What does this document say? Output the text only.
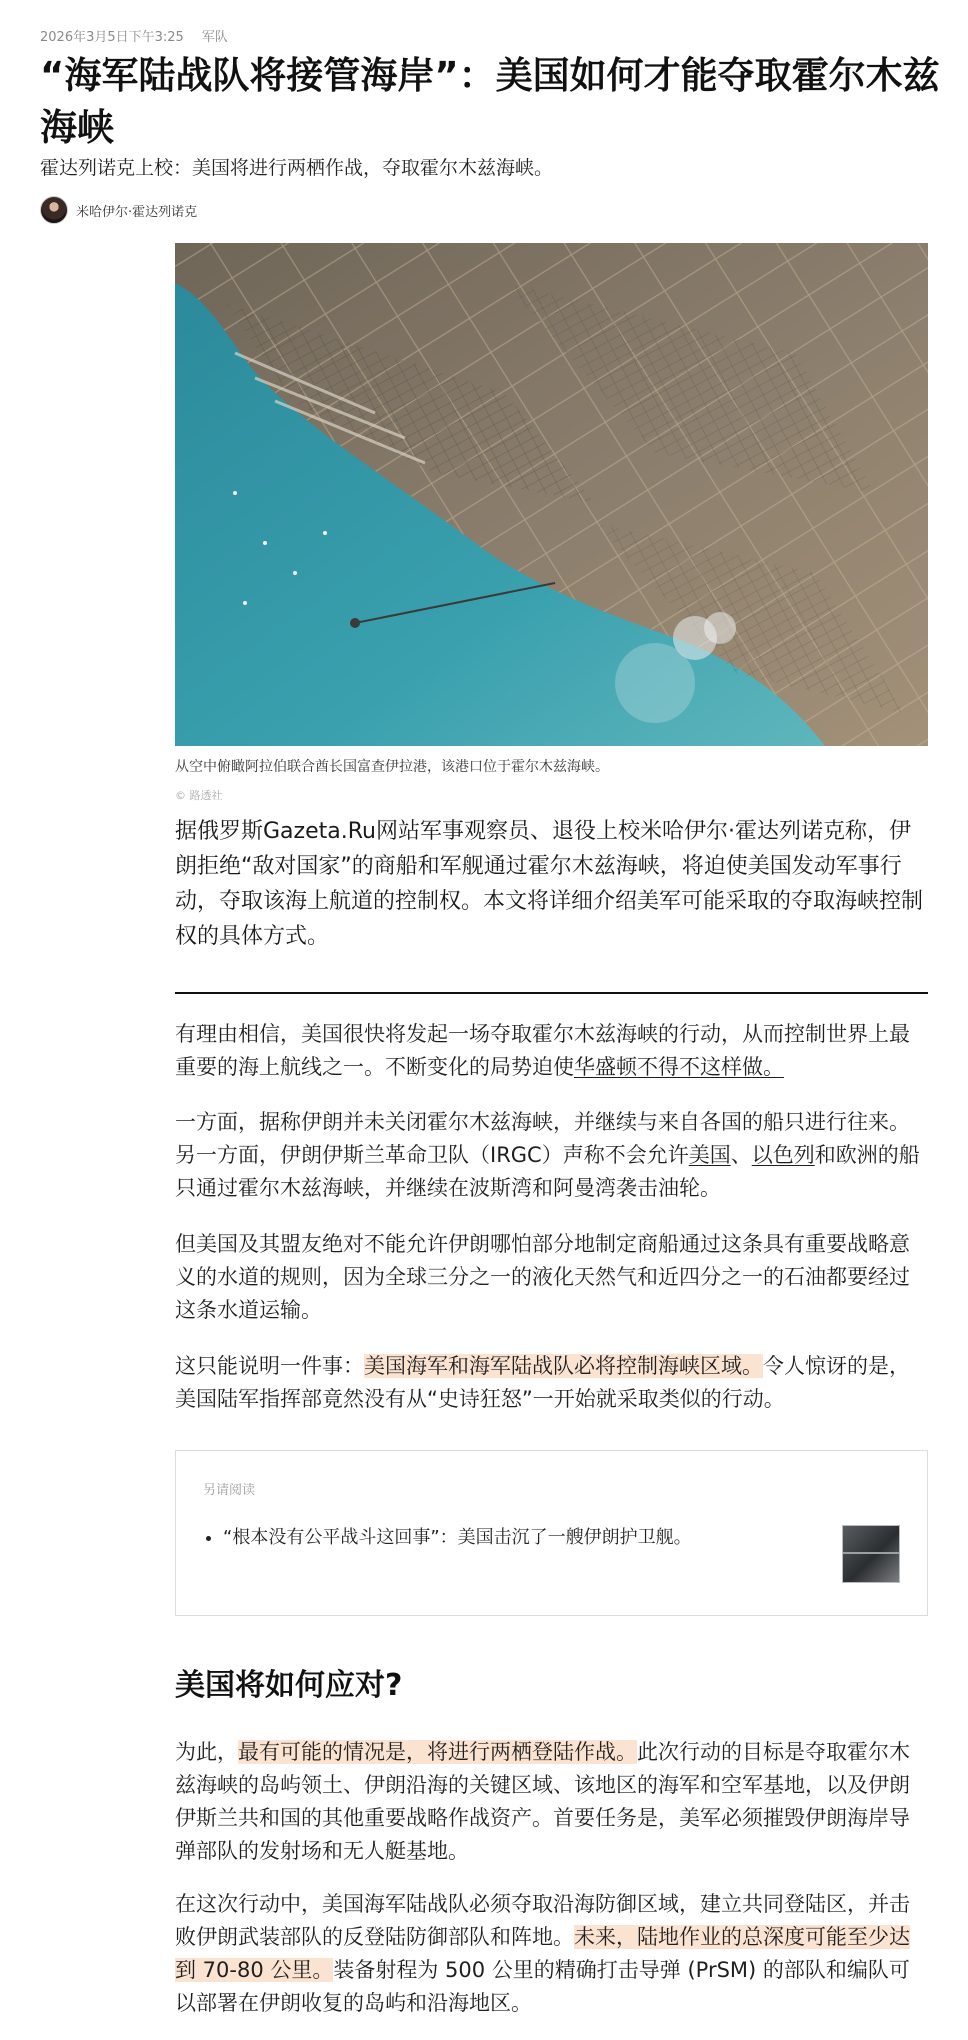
2026年3月5日下午3:25 军队
“海军陆战队将接管海岸”：美国如何才能夺取霍尔木兹海峡

霍达列诺克上校：美国将进行两栖作战，夺取霍尔木兹海峡。

米哈伊尔·霍达列诺克
从空中俯瞰阿拉伯联合酋长国富查伊拉港，该港口位于霍尔木兹海峡。
© 路透社

据俄罗斯Gazeta.Ru网站军事观察员、退役上校米哈伊尔·霍达列诺克称，伊朗拒绝“敌对国家”的商船和军舰通过霍尔木兹海峡，将迫使美国发动军事行动，夺取该海上航道的控制权。本文将详细介绍美军可能采取的夺取海峡控制权的具体方式。

有理由相信，美国很快将发起一场夺取霍尔木兹海峡的行动，从而控制世界上最重要的海上航线之一。不断变化的局势迫使华盛顿不得不这样做。

一方面，据称伊朗并未关闭霍尔木兹海峡，并继续与来自各国的船只进行往来。另一方面，伊朗伊斯兰革命卫队（IRGC）声称不会允许美国、以色列和欧洲的船只通过霍尔木兹海峡，并继续在波斯湾和阿曼湾袭击油轮。

但美国及其盟友绝对不能允许伊朗哪怕部分地制定商船通过这条具有重要战略意义的水道的规则，因为全球三分之一的液化天然气和近四分之一的石油都要经过这条水道运输。

这只能说明一件事：美国海军和海军陆战队必将控制海峡区域。令人惊讶的是，美国陆军指挥部竟然没有从“史诗狂怒”一开始就采取类似的行动。

另请阅读
• “根本没有公平战斗这回事”：美国击沉了一艘伊朗护卫舰。
美国将如何应对?

为此，最有可能的情况是，将进行两栖登陆作战。此次行动的目标是夺取霍尔木兹海峡的岛屿领土、伊朗沿海的关键区域、该地区的海军和空军基地，以及伊朗伊斯兰共和国的其他重要战略作战资产。首要任务是，美军必须摧毁伊朗海岸导弹部队的发射场和无人艇基地。

在这次行动中，美国海军陆战队必须夺取沿海防御区域，建立共同登陆区，并击败伊朗武装部队的反登陆防御部队和阵地。未来，陆地作业的总深度可能至少达到 70-80 公里。装备射程为 500 公里的精确打击导弹 (PrSM) 的部队和编队可以部署在伊朗收复的岛屿和沿海地区。
